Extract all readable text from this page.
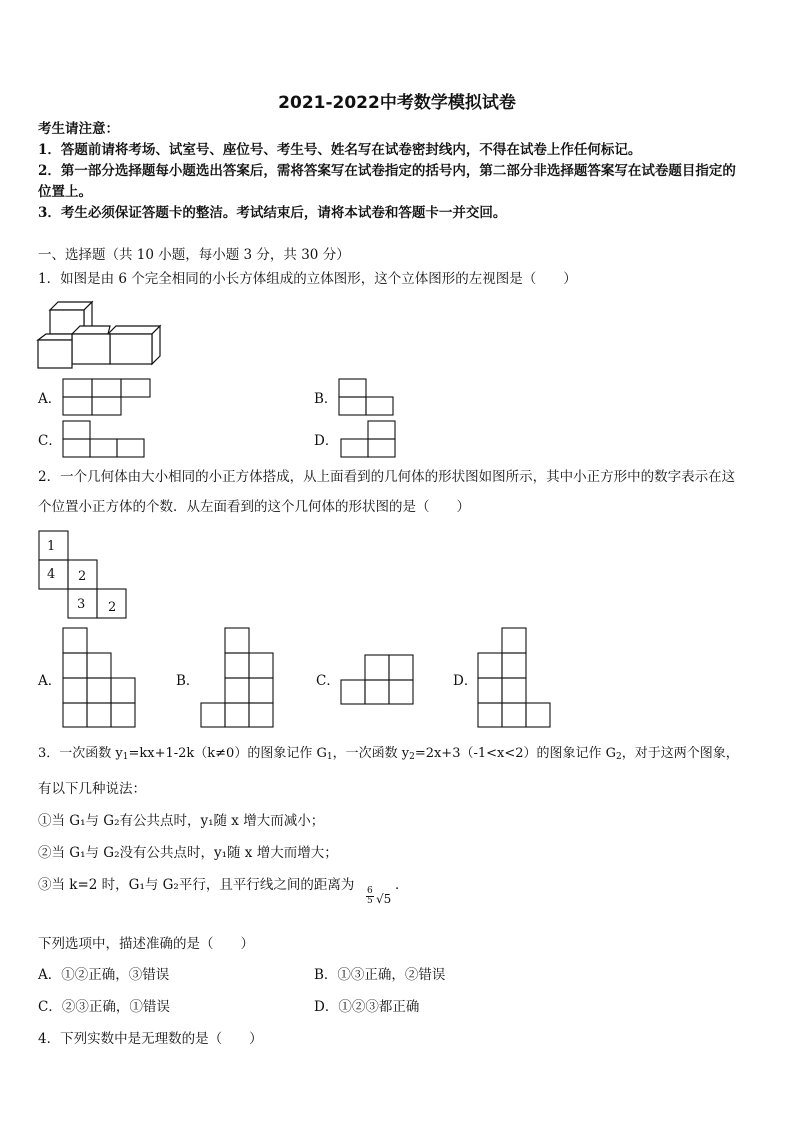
2021-2022中考数学模拟试卷
考生请注意：
1．答题前请将考场、试室号、座位号、考生号、姓名写在试卷密封线内，不得在试卷上作任何标记。
2．第一部分选择题每小题选出答案后，需将答案写在试卷指定的括号内，第二部分非选择题答案写在试卷题目指定的
位置上。
3．考生必须保证答题卡的整洁。考试结束后，请将本试卷和答题卡一并交回。
一、选择题（共 10 小题，每小题 3 分，共 30 分）
1．如图是由 6 个完全相同的小长方体组成的立体图形，这个立体图形的左视图是（　　）
A．	B．
C．	D．
2．一个几何体由大小相同的小正方体搭成，从上面看到的几何体的形状图如图所示，其中小正方形中的数字表示在这
个位置小正方体的个数．从左面看到的这个几何体的形状图的是（　　）
1
4 2
3 2
A．	B．	C．	D．
3．一次函数 $y_1=kx+1-2k(k\ne 0)$的图象记作 $G_1$，一次函数 $y_2=2x+3(-1<x<2)$的图象记作 $G_2$，对于这两个图象，
有以下几种说法：
①当 G₁与 G₂有公共点时，y₁随 x 增大而减小；
②当 G₁与 G₂没有公共点时，y₁随 x 增大而增大；
③当 k=2 时，G₁与 G₂平行，且平行线之间的距离为
$\frac{6}{5} √5$
．
下列选项中，描述准确的是（　　）
A．①②正确，③错误	B．①③正确，②错误
C．②③正确，①错误	D．①②③都正确
4．下列实数中是无理数的是（　　）
